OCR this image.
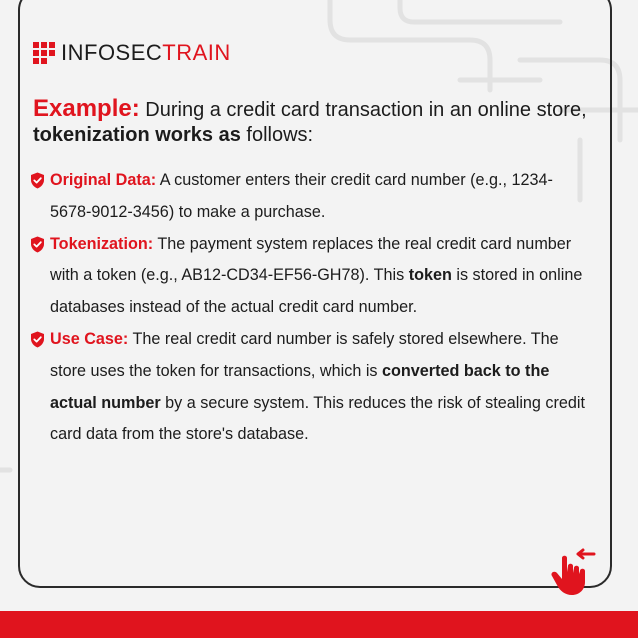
INFOSECTRAIN
Example: During a credit card transaction in an online store, tokenization works as follows:
Original Data: A customer enters their credit card number (e.g., 1234-5678-9012-3456) to make a purchase.
Tokenization: The payment system replaces the real credit card number with a token (e.g., AB12-CD34-EF56-GH78). This token is stored in online databases instead of the actual credit card number.
Use Case: The real credit card number is safely stored elsewhere. The store uses the token for transactions, which is converted back to the actual number by a secure system. This reduces the risk of stealing credit card data from the store's database.
